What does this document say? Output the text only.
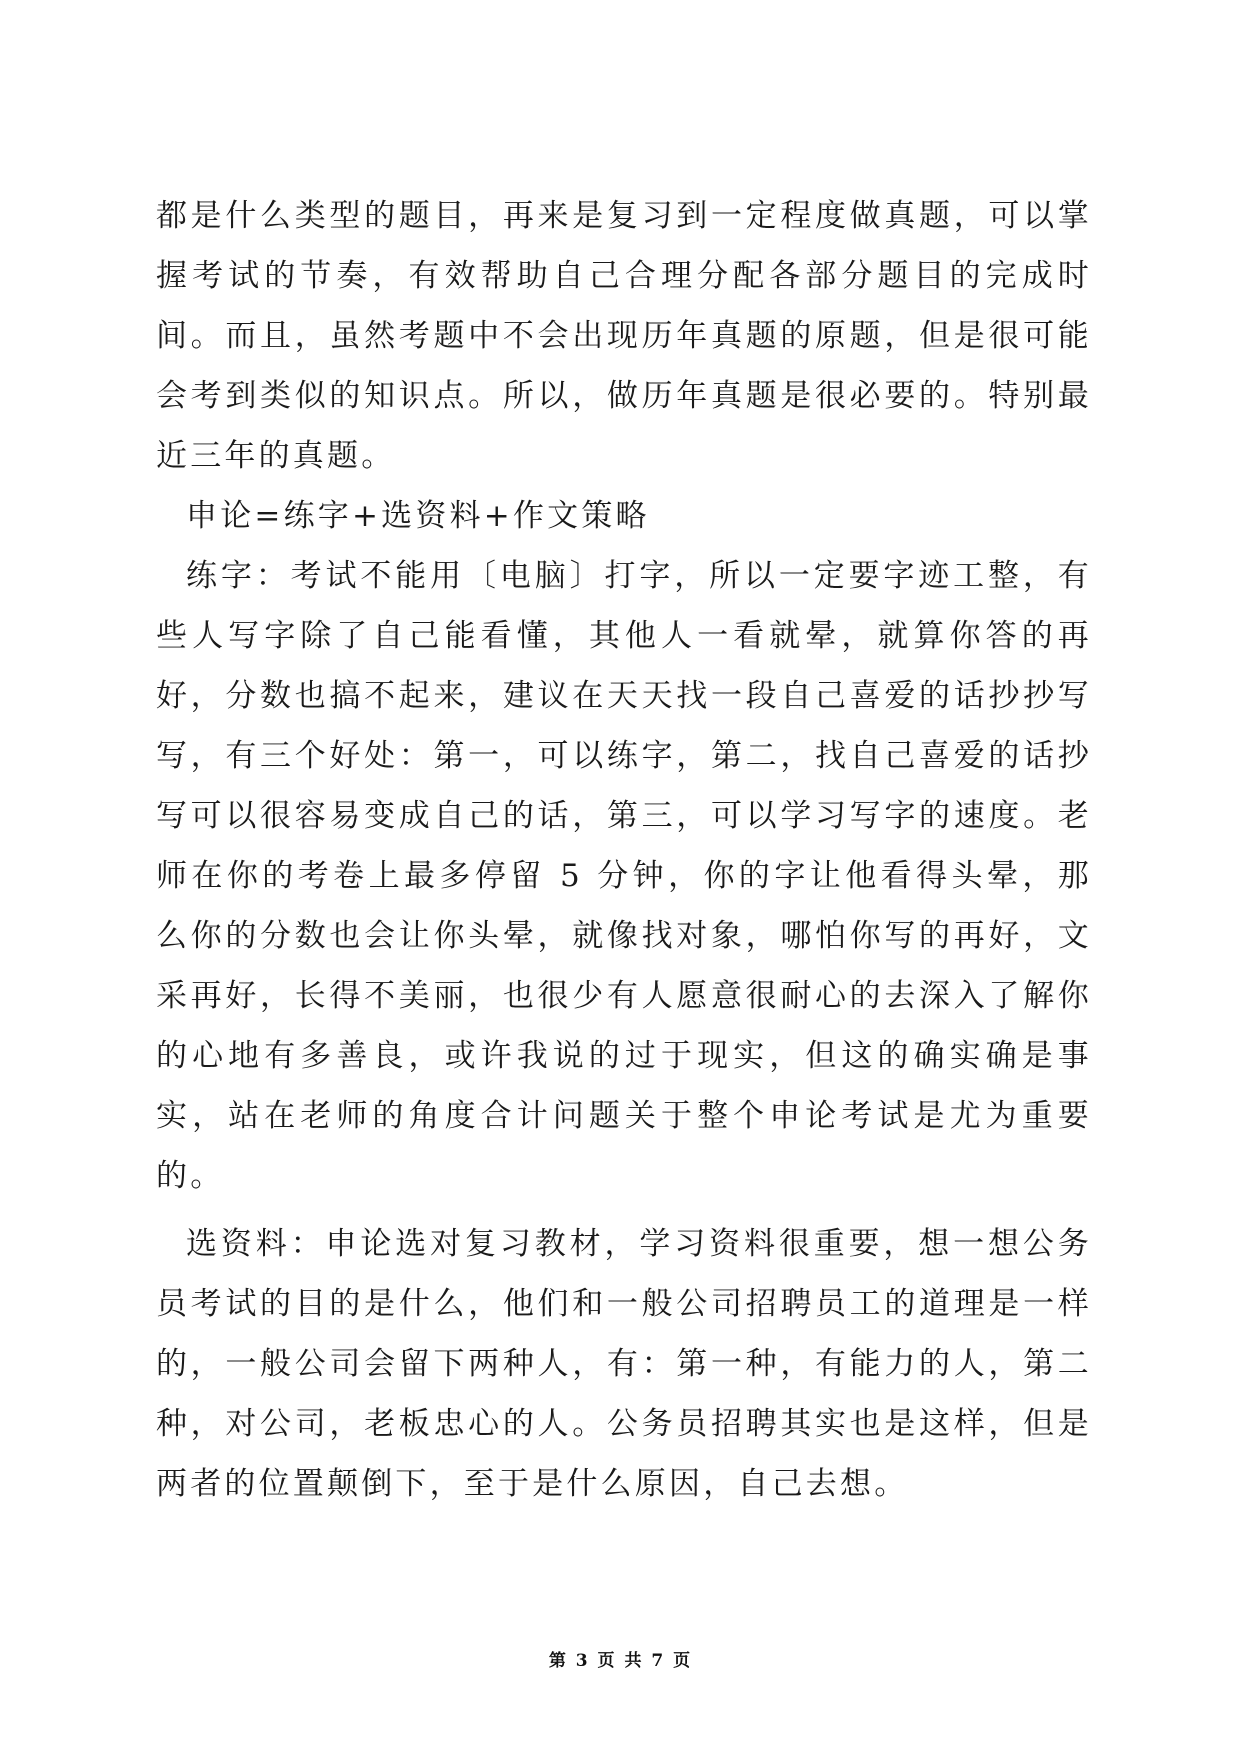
都是什么类型的题目，再来是复习到一定程度做真题，可以掌握考试的节奏，有效帮助自己合理分配各部分题目的完成时间。而且，虽然考题中不会出现历年真题的原题，但是很可能会考到类似的知识点。所以，做历年真题是很必要的。特别最近三年的真题。

申论=练字+选资料+作文策略

练字：考试不能用〔电脑〕打字，所以一定要字迹工整，有些人写字除了自己能看懂，其他人一看就晕，就算你答的再好，分数也搞不起来，建议在天天找一段自己喜爱的话抄抄写写，有三个好处：第一，可以练字，第二，找自己喜爱的话抄写可以很容易变成自己的话，第三，可以学习写字的速度。老师在你的考卷上最多停留 5 分钟，你的字让他看得头晕，那么你的分数也会让你头晕，就像找对象，哪怕你写的再好，文采再好，长得不美丽，也很少有人愿意很耐心的去深入了解你的心地有多善良，或许我说的过于现实，但这的确实确是事实，站在老师的角度合计问题关于整个申论考试是尤为重要的。

选资料：申论选对复习教材，学习资料很重要，想一想公务员考试的目的是什么，他们和一般公司招聘员工的道理是一样的，一般公司会留下两种人，有：第一种，有能力的人，第二种，对公司，老板忠心的人。公务员招聘其实也是这样，但是两者的位置颠倒下，至于是什么原因，自己去想。

第 3 页 共 7 页
